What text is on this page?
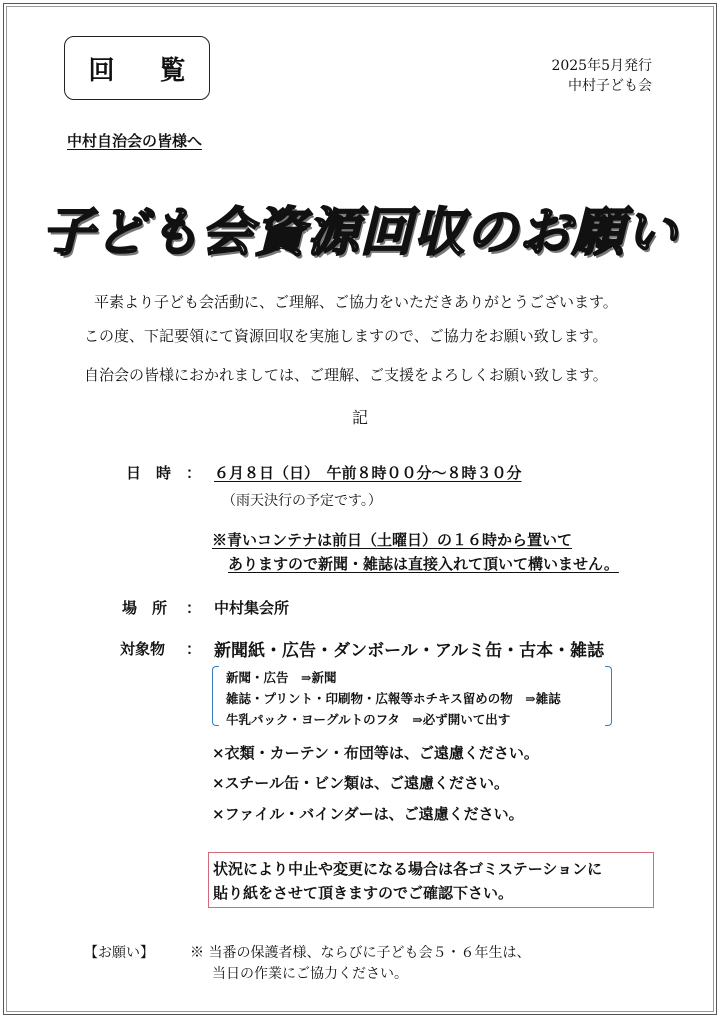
回 覧	2025年5月発行
中村子ども会
中村自治会の皆様へ
子ども会資源回収のお願い
平素より子ども会活動に、ご理解、ご協力をいただきありがとうございます。
この度、下記要領にて資源回収を実施しますので、ご協力をお願い致します。
自治会の皆様におかれましては、ご理解、ご支援をよろしくお願い致します。
記
日　時 ： ６月８日（日）　午前８時００分～８時３０分
（雨天決行の予定です。）
※青いコンテナは前日（土曜日）の１６時から置いて
ありますので新聞・雑誌は直接入れて頂いて構いません。
場　所 ： 中村集会所
対象物 ： 新聞紙・広告・ダンボール・アルミ缶・古本・雑誌
新聞・広告　⇒新聞
雑誌・プリント・印刷物・広報等ホチキス留めの物　⇒雑誌
牛乳パック・ヨーグルトのフタ　⇒必ず開いて出す
×衣類・カーテン・布団等は、ご遠慮ください。
×スチール缶・ビン類は、ご遠慮ください。
×ファイル・バインダーは、ご遠慮ください。
状況により中止や変更になる場合は各ゴミステーションに
貼り紙をさせて頂きますのでご確認下さい。
【お願い】	※ 当番の保護者様、ならびに子ども会５・６年生は、
当日の作業にご協力ください。
